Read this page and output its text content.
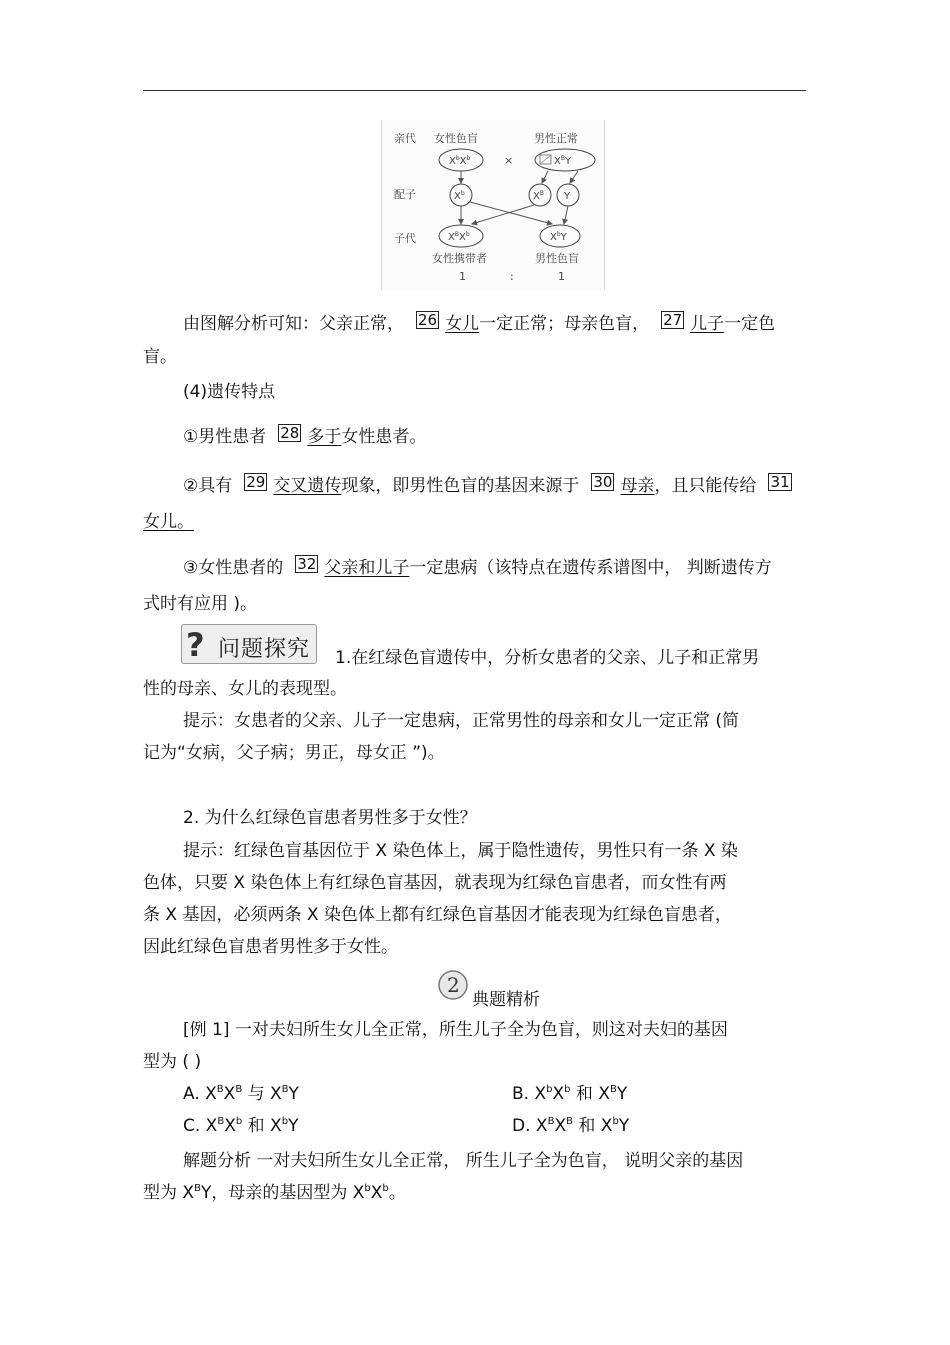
亲代
配子
子代
女性色盲	男性正常
×
$X^bX^b$	$X^BY$
$X^b$	$X^B$ Y
$X^BX^b$	$X^bY$
女性携带者	男性色盲
1	:	1
由图解分析可知：父亲正常， 26 女儿一定正常；母亲色盲， 27 儿子一定色
盲。
(4)遗传特点
①男性患者 28 多于女性患者。
②具有 29 交叉遗传现象，即男性色盲的基因来源于 30 母亲，且只能传给 31
女儿。
③女性患者的 32 父亲和儿子一定患病（该特点在遗传系谱图中， 判断遗传方
式时有应用 )。
? 问题探究 1.在红绿色盲遗传中，分析女患者的父亲、儿子和正常男
性的母亲、女儿的表现型。
提示：女患者的父亲、儿子一定患病，正常男性的母亲和女儿一定正常 (简
记为“女病，父子病；男正，母女正 ”)。
2. 为什么红绿色盲患者男性多于女性？
提示：红绿色盲基因位于 X 染色体上，属于隐性遗传，男性只有一条 X 染
色体，只要 X 染色体上有红绿色盲基因，就表现为红绿色盲患者，而女性有两
条 X 基因，必须两条 X 染色体上都有红绿色盲基因才能表现为红绿色盲患者，
因此红绿色盲患者男性多于女性。
2
典题精析
[例 1] 一对夫妇所生女儿全正常，所生儿子全为色盲，则这对夫妇的基因
型为 ( )
A. $X^BX^B$ 与 $X^BY$	B. $X^bX^b$ 和 $X^BY$
C. $X^BX^b$ 和 $X^bY$	D. $X^BX^B$ 和 $X^bY$
解题分析 一对夫妇所生女儿全正常， 所生儿子全为色盲， 说明父亲的基因
型为 $X^BY$，母亲的基因型为 $X^bX^b$。
